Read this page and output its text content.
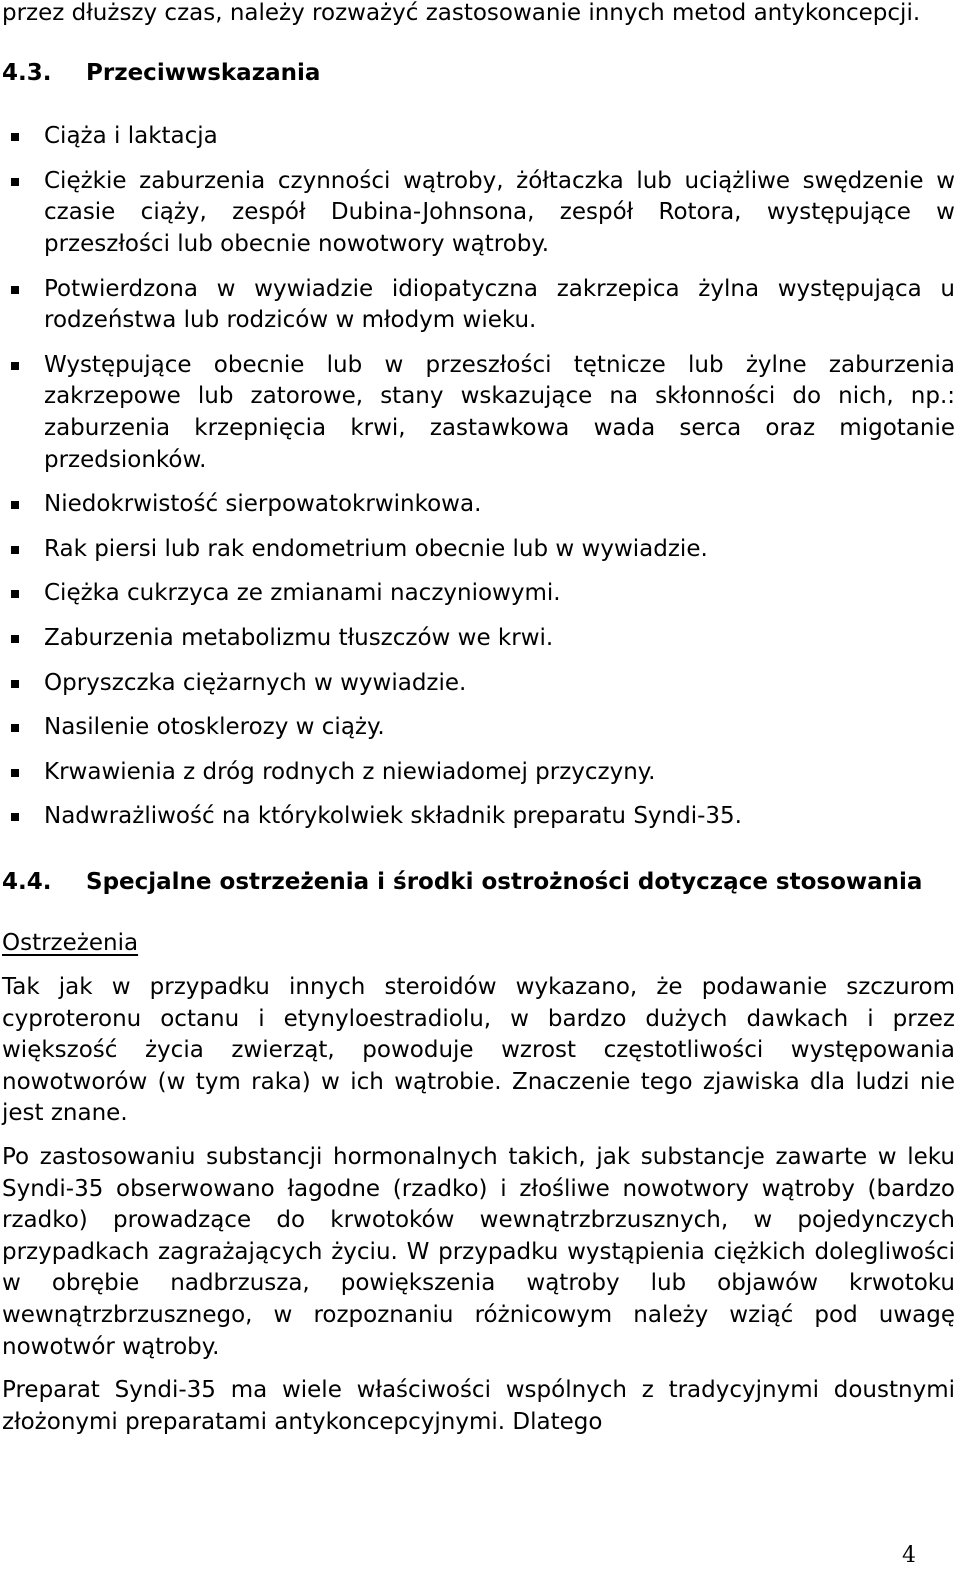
przez dłuższy czas, należy rozważyć zastosowanie innych metod antykoncepcji.

4.3.	Przeciwwskazania
Ciąża i laktacja
Ciężkie zaburzenia czynności wątroby, żółtaczka lub uciążliwe swędzenie w czasie ciąży, zespół Dubina-Johnsona, zespół Rotora, występujące w przeszłości lub obecnie nowotwory wątroby.
Potwierdzona w wywiadzie idiopatyczna zakrzepica żylna występująca u rodzeństwa lub rodziców w młodym wieku.
Występujące obecnie lub w przeszłości tętnicze lub żylne zaburzenia zakrzepowe lub zatorowe, stany wskazujące na skłonności do nich, np.: zaburzenia krzepnięcia krwi, zastawkowa wada serca oraz migotanie przedsionków.
Niedokrwistość sierpowatokrwinkowa.
Rak piersi lub rak endometrium obecnie lub w wywiadzie.
Ciężka cukrzyca ze zmianami naczyniowymi.
Zaburzenia metabolizmu tłuszczów we krwi.
Opryszczka ciężarnych w wywiadzie.
Nasilenie otosklerozy w ciąży.
Krwawienia z dróg rodnych z niewiadomej przyczyny.
Nadwrażliwość na którykolwiek składnik preparatu Syndi-35.
4.4. Specjalne ostrzeżenia i środki ostrożności dotyczące stosowania

Ostrzeżenia

Tak jak w przypadku innych steroidów wykazano, że podawanie szczurom cyproteronu octanu i etynyloestradiolu, w bardzo dużych dawkach i przez większość życia zwierząt, powoduje wzrost częstotliwości występowania nowotworów (w tym raka) w ich wątrobie. Znaczenie tego zjawiska dla ludzi nie jest znane.

Po zastosowaniu substancji hormonalnych takich, jak substancje zawarte w leku Syndi-35 obserwowano łagodne (rzadko) i złośliwe nowotwory wątroby (bardzo rzadko) prowadzące do krwotoków wewnątrzbrzusznych, w pojedynczych przypadkach zagrażających życiu. W przypadku wystąpienia ciężkich dolegliwości w obrębie nadbrzusza, powiększenia wątroby lub objawów krwotoku wewnątrzbrzusznego, w rozpoznaniu różnicowym należy wziąć pod uwagę nowotwór wątroby.

Preparat Syndi-35 ma wiele właściwości wspólnych z tradycyjnymi doustnymi złożonymi preparatami antykoncepcyjnymi. Dlatego

4
